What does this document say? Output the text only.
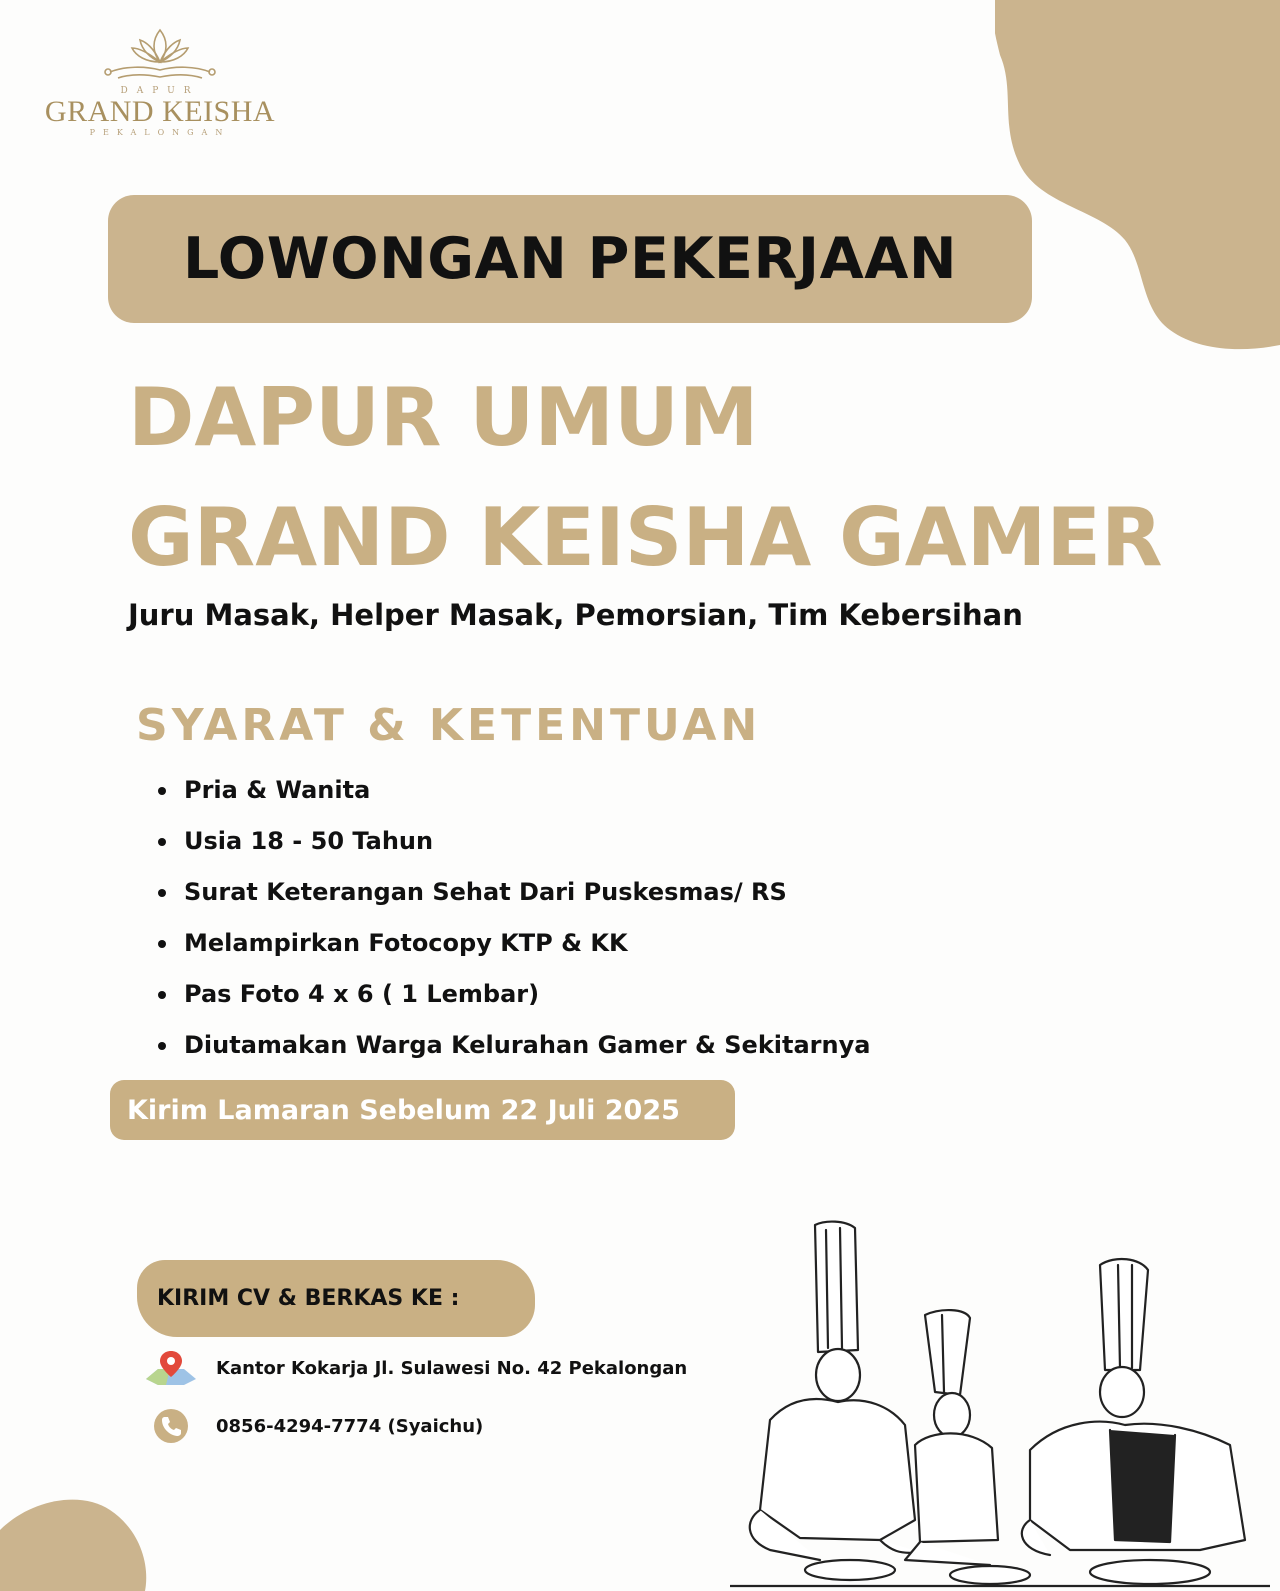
DAPUR
GRAND KEISHA
PEKALONGAN
LOWONGAN PEKERJAAN
DAPUR UMUM
GRAND KEISHA GAMER
Juru Masak, Helper Masak, Pemorsian, Tim Kebersihan
SYARAT & KETENTUAN
Pria & Wanita
Usia 18 - 50 Tahun
Surat Keterangan Sehat Dari Puskesmas/ RS
Melampirkan Fotocopy KTP & KK
Pas Foto 4 x 6 ( 1 Lembar)
Diutamakan Warga Kelurahan Gamer & Sekitarnya
Kirim Lamaran Sebelum 22 Juli 2025
KIRIM CV & BERKAS KE :
Kantor Kokarja Jl. Sulawesi No. 42 Pekalongan
0856-4294-7774 (Syaichu)
